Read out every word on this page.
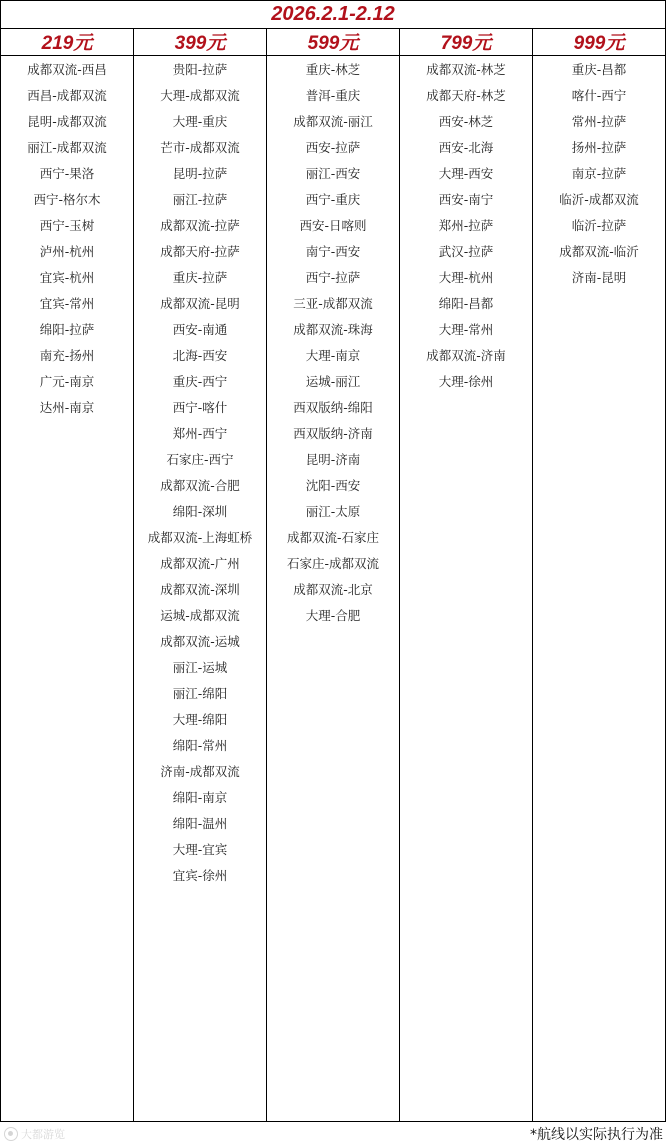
2026.2.1-2.12
219元
成都双流-西昌
西昌-成都双流
昆明-成都双流
丽江-成都双流
西宁-果洛
西宁-格尔木
西宁-玉树
泸州-杭州
宜宾-杭州
宜宾-常州
绵阳-拉萨
南充-扬州
广元-南京
达州-南京
399元
贵阳-拉萨
大理-成都双流
大理-重庆
芒市-成都双流
昆明-拉萨
丽江-拉萨
成都双流-拉萨
成都天府-拉萨
重庆-拉萨
成都双流-昆明
西安-南通
北海-西安
重庆-西宁
西宁-喀什
郑州-西宁
石家庄-西宁
成都双流-合肥
绵阳-深圳
成都双流-上海虹桥
成都双流-广州
成都双流-深圳
运城-成都双流
成都双流-运城
丽江-运城
丽江-绵阳
大理-绵阳
绵阳-常州
济南-成都双流
绵阳-南京
绵阳-温州
大理-宜宾
宜宾-徐州
599元
重庆-林芝
普洱-重庆
成都双流-丽江
西安-拉萨
丽江-西安
西宁-重庆
西安-日喀则
南宁-西安
西宁-拉萨
三亚-成都双流
成都双流-珠海
大理-南京
运城-丽江
西双版纳-绵阳
西双版纳-济南
昆明-济南
沈阳-西安
丽江-太原
成都双流-石家庄
石家庄-成都双流
成都双流-北京
大理-合肥
799元
成都双流-林芝
成都天府-林芝
西安-林芝
西安-北海
大理-西安
西安-南宁
郑州-拉萨
武汉-拉萨
大理-杭州
绵阳-昌都
大理-常州
成都双流-济南
大理-徐州
999元
重庆-昌都
喀什-西宁
常州-拉萨
扬州-拉萨
南京-拉萨
临沂-成都双流
临沂-拉萨
成都双流-临沂
济南-昆明
大都游览	*航线以实际执行为准
